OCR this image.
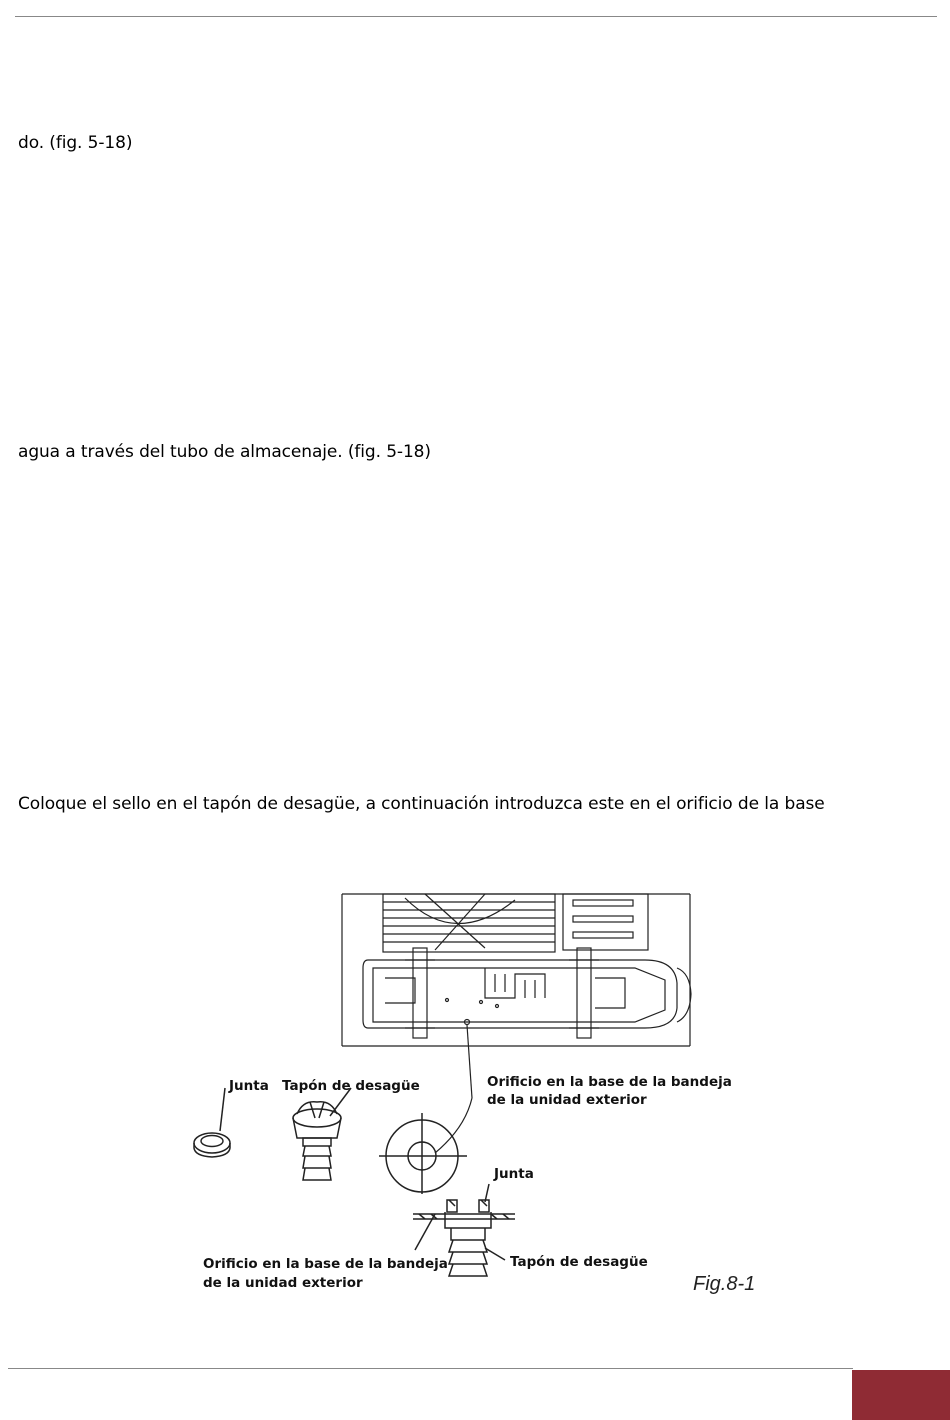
do. (fig. 5-18)

agua a través del tubo de almacenaje. (fig. 5-18)

Coloque el sello en el tapón de desagüe, a continuación introduzca este en el orificio de la base

Junta Tapón de desagüe	Orificio en la base de la bandeja
de la unidad exterior
Junta
Orificio en la base de la bandeja
de la unidad exterior
Tapón de desagüe
Fig.8-1
